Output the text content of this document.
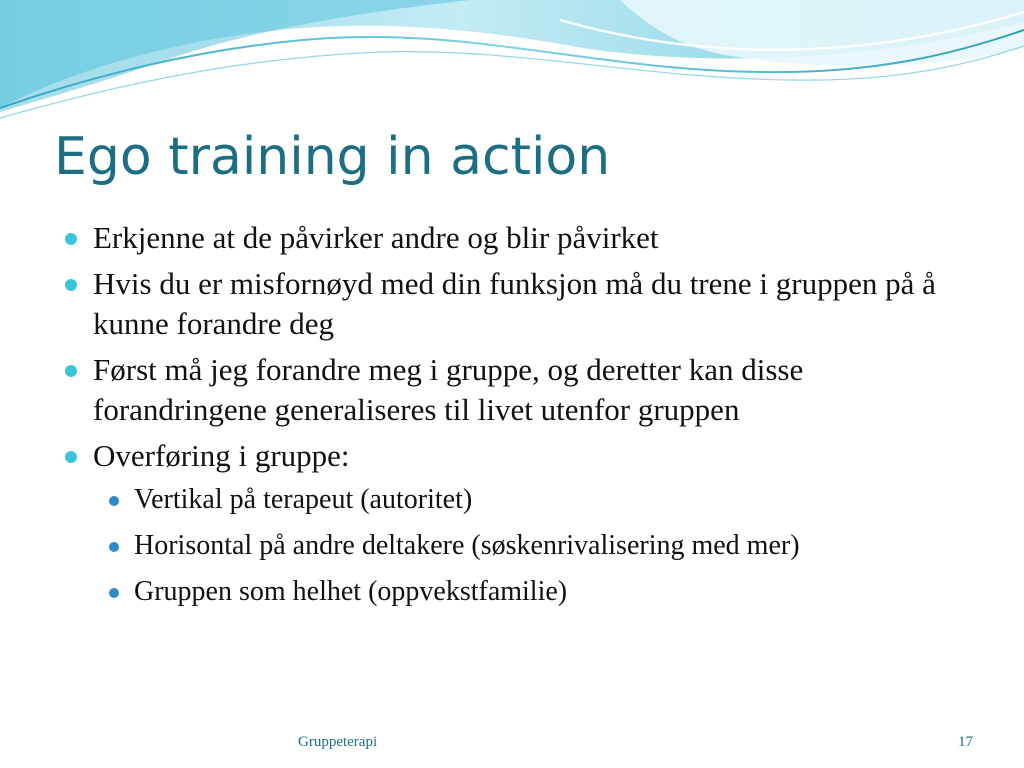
Ego training in action
Erkjenne at de påvirker andre og blir påvirket
Hvis du er misfornøyd med din funksjon må du trene i gruppen på å kunne forandre deg
Først må jeg forandre meg i gruppe, og deretter kan disse forandringene generaliseres til livet utenfor gruppen
Overføring i gruppe:
Vertikal på terapeut (autoritet)
Horisontal på andre deltakere (søskenrivalisering med mer)
Gruppen som helhet (oppvekstfamilie)
Gruppeterapi	17
